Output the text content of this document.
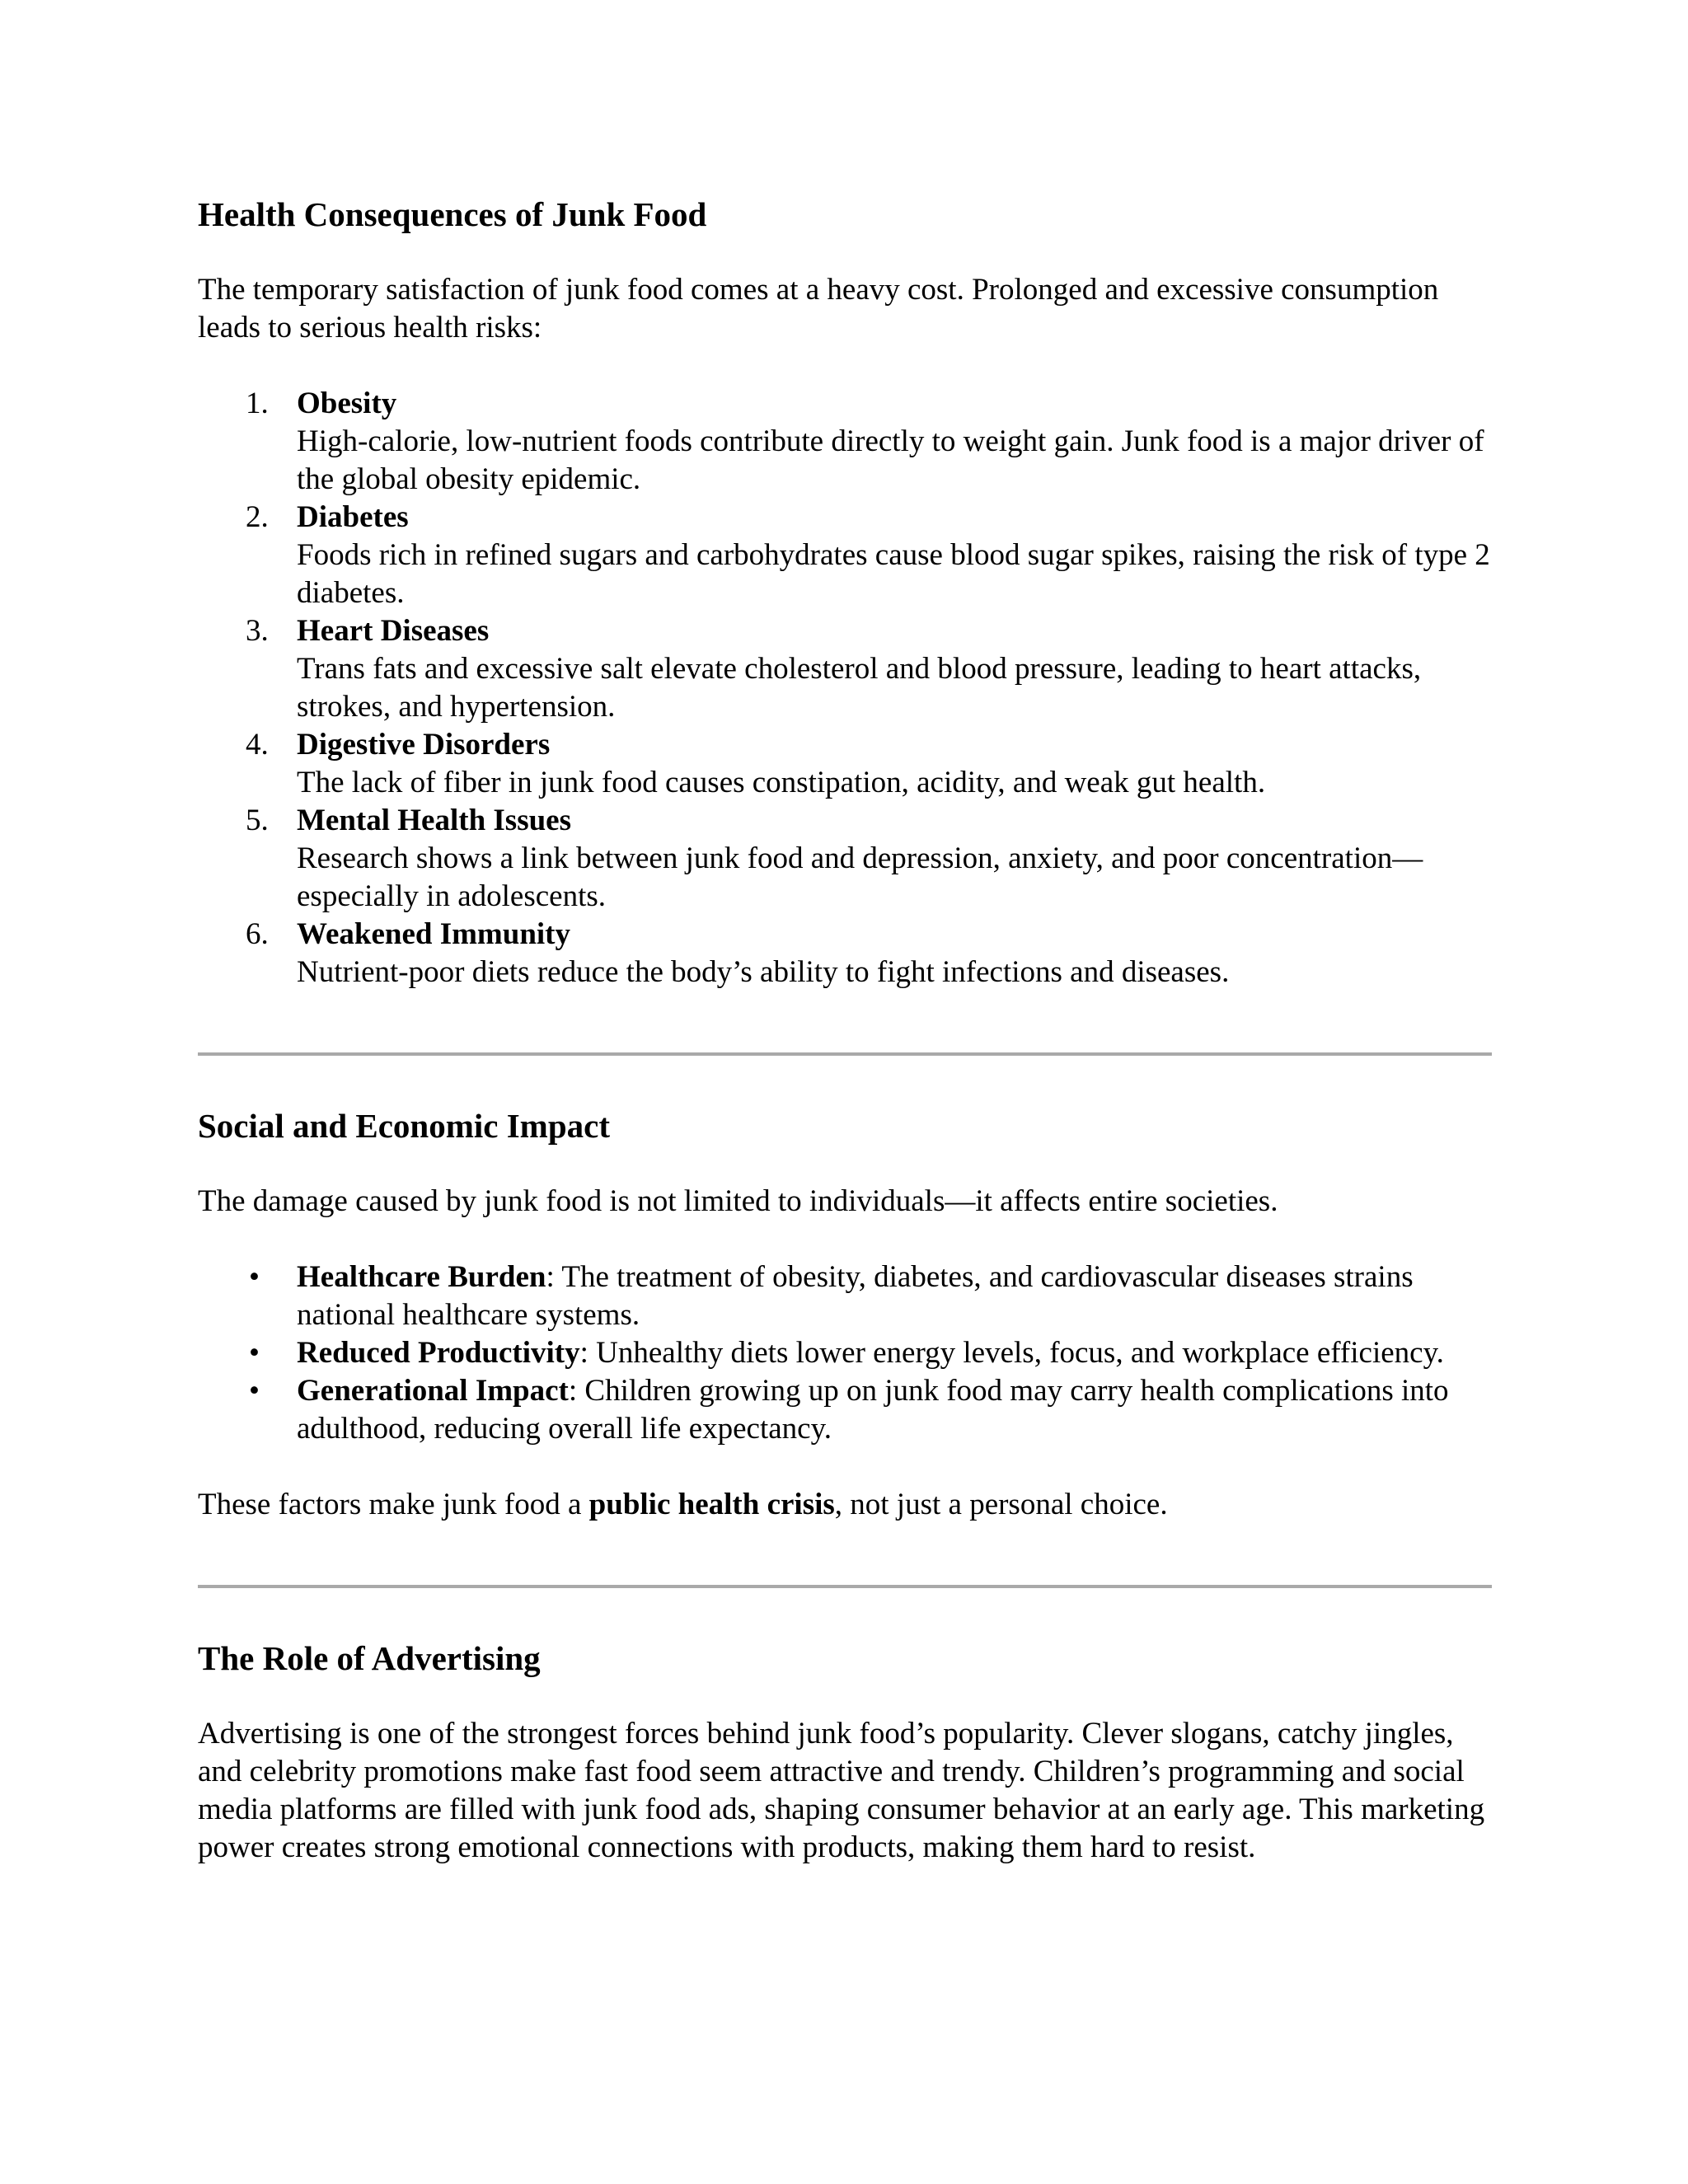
Health Consequences of Junk Food

The temporary satisfaction of junk food comes at a heavy cost. Prolonged and excessive consumption leads to serious health risks:

1. Obesity
High-calorie, low-nutrient foods contribute directly to weight gain. Junk food is a major driver of the global obesity epidemic.
2. Diabetes
Foods rich in refined sugars and carbohydrates cause blood sugar spikes, raising the risk of type 2 diabetes.
3. Heart Diseases
Trans fats and excessive salt elevate cholesterol and blood pressure, leading to heart attacks, strokes, and hypertension.
4. Digestive Disorders
The lack of fiber in junk food causes constipation, acidity, and weak gut health.
5. Mental Health Issues
Research shows a link between junk food and depression, anxiety, and poor concentration—especially in adolescents.
6. Weakened Immunity
Nutrient-poor diets reduce the body’s ability to fight infections and diseases.
Social and Economic Impact

The damage caused by junk food is not limited to individuals—it affects entire societies.

• Healthcare Burden: The treatment of obesity, diabetes, and cardiovascular diseases strains national healthcare systems.
• Reduced Productivity: Unhealthy diets lower energy levels, focus, and workplace efficiency.
• Generational Impact: Children growing up on junk food may carry health complications into adulthood, reducing overall life expectancy.

These factors make junk food a public health crisis, not just a personal choice.

The Role of Advertising

Advertising is one of the strongest forces behind junk food’s popularity. Clever slogans, catchy jingles, and celebrity promotions make fast food seem attractive and trendy. Children’s programming and social media platforms are filled with junk food ads, shaping consumer behavior at an early age. This marketing power creates strong emotional connections with products, making them hard to resist.
